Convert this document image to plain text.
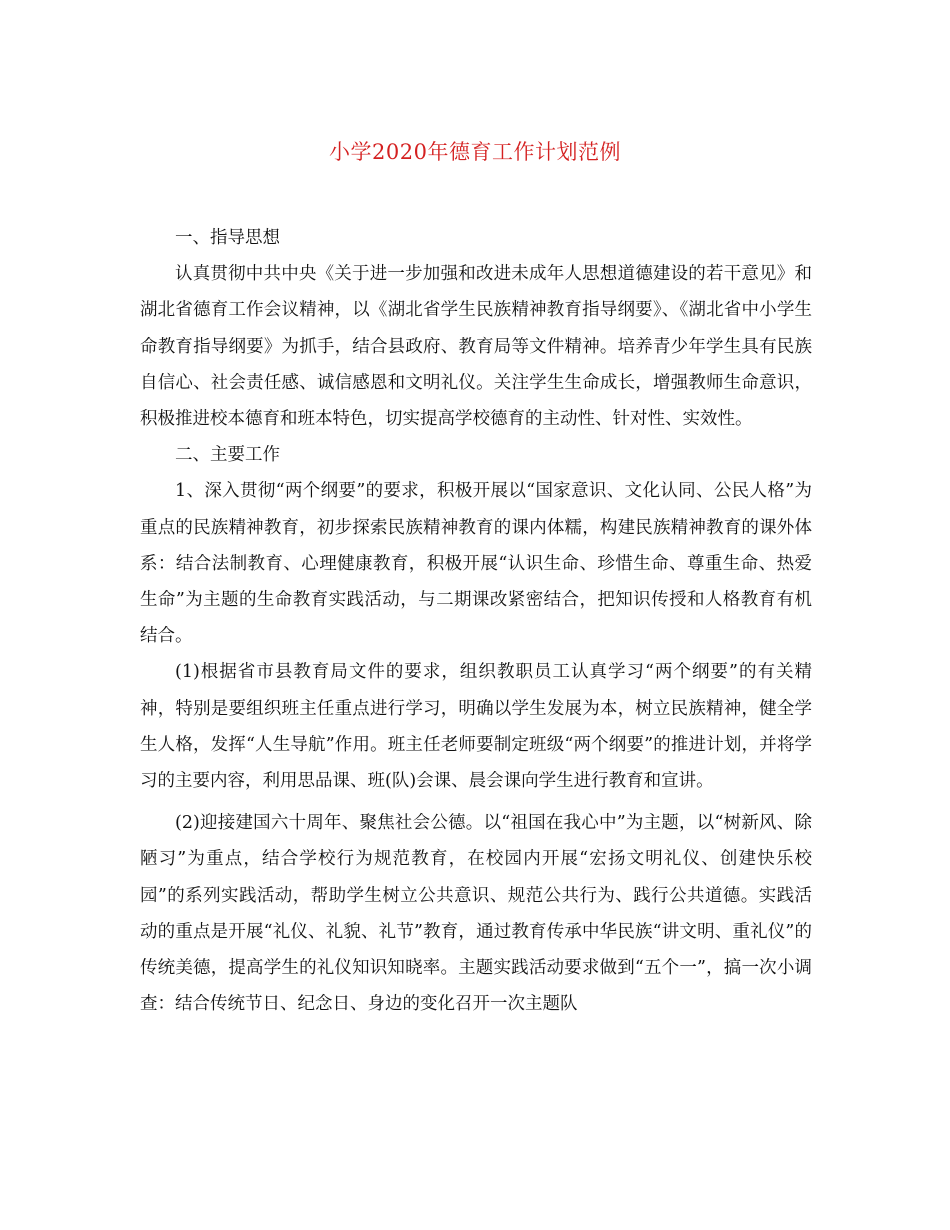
小学2020年德育工作计划范例

一、指导思想

认真贯彻中共中央《关于进一步加强和改进未成年人思想道德建设的若干意见》和湖北省德育工作会议精神，以《湖北省学生民族精神教育指导纲要》、《湖北省中小学生命教育指导纲要》为抓手，结合县政府、教育局等文件精神。培养青少年学生具有民族自信心、社会责任感、诚信感恩和文明礼仪。关注学生生命成长，增强教师生命意识，积极推进校本德育和班本特色，切实提高学校德育的主动性、针对性、实效性。

二、主要工作

1、深入贯彻“两个纲要”的要求，积极开展以“国家意识、文化认同、公民人格”为重点的民族精神教育，初步探索民族精神教育的课内体糯，构建民族精神教育的课外体系：结合法制教育、心理健康教育，积极开展“认识生命、珍惜生命、尊重生命、热爱生命”为主题的生命教育实践活动，与二期课改紧密结合，把知识传授和人格教育有机结合。

(1)根据省市县教育局文件的要求，组织教职员工认真学习“两个纲要”的有关精神，特别是要组织班主任重点进行学习，明确以学生发展为本，树立民族精神，健全学生人格，发挥“人生导航”作用。班主任老师要制定班级“两个纲要”的推进计划，并将学习的主要内容，利用思品课、班(队)会课、晨会课向学生进行教育和宣讲。

(2)迎接建国六十周年、聚焦社会公德。以“祖国在我心中”为主题，以“树新风、除陋习”为重点，结合学校行为规范教育，在校园内开展“宏扬文明礼仪、创建快乐校园”的系列实践活动，帮助学生树立公共意识、规范公共行为、践行公共道德。实践活动的重点是开展“礼仪、礼貌、礼节”教育，通过教育传承中华民族“讲文明、重礼仪”的传统美德，提高学生的礼仪知识知晓率。主题实践活动要求做到“五个一”，搞一次小调查：结合传统节日、纪念日、身边的变化召开一次主题队
